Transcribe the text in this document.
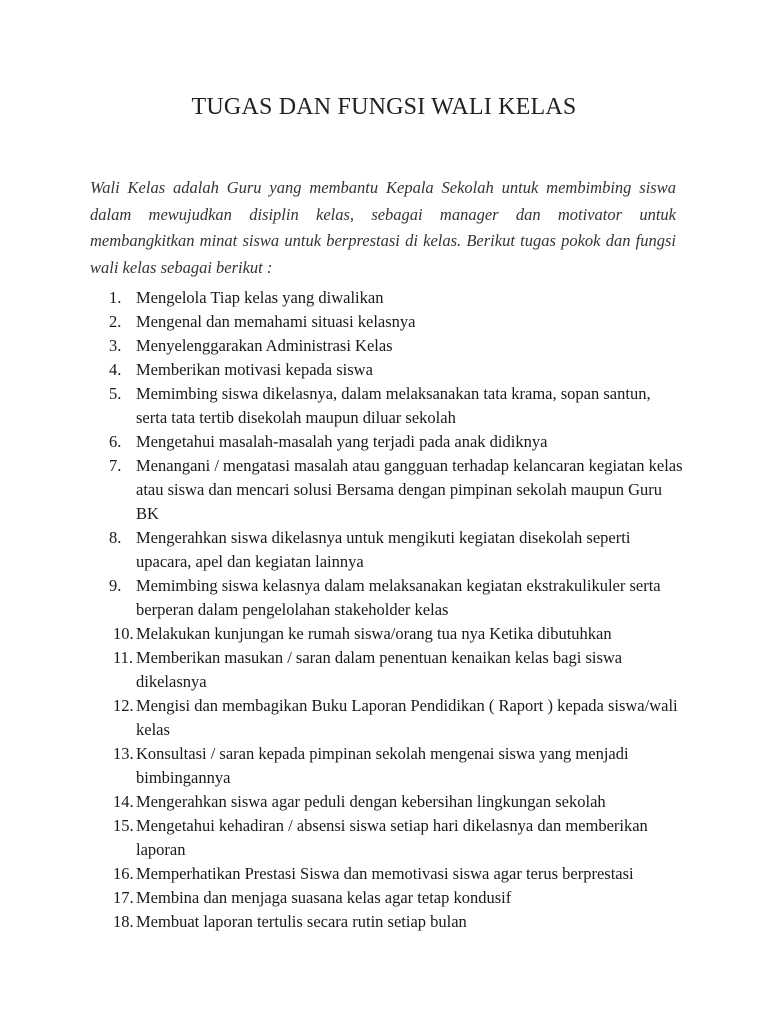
TUGAS DAN FUNGSI WALI KELAS

Wali Kelas adalah Guru yang membantu Kepala Sekolah untuk membimbing siswa dalam mewujudkan disiplin kelas, sebagai manager dan motivator untuk membangkitkan minat siswa untuk berprestasi di kelas. Berikut tugas pokok dan fungsi wali kelas sebagai berikut :

1. Mengelola Tiap kelas yang diwalikan
2. Mengenal dan memahami situasi kelasnya
3. Menyelenggarakan Administrasi Kelas
4. Memberikan motivasi kepada siswa
5. Memimbing siswa dikelasnya, dalam melaksanakan tata krama, sopan santun, serta tata tertib disekolah maupun diluar sekolah
6. Mengetahui masalah-masalah yang terjadi pada anak didiknya
7. Menangani / mengatasi masalah atau gangguan terhadap kelancaran kegiatan kelas atau siswa dan mencari solusi Bersama dengan pimpinan sekolah maupun Guru BK
8. Mengerahkan siswa dikelasnya untuk mengikuti kegiatan disekolah seperti upacara, apel dan kegiatan lainnya
9. Memimbing siswa kelasnya dalam melaksanakan kegiatan ekstrakulikuler serta berperan dalam pengelolahan stakeholder kelas
10. Melakukan kunjungan ke rumah siswa/orang tua nya Ketika dibutuhkan
11. Memberikan masukan / saran dalam penentuan kenaikan kelas bagi siswa dikelasnya
12. Mengisi dan membagikan Buku Laporan Pendidikan ( Raport ) kepada siswa/wali kelas
13. Konsultasi / saran kepada pimpinan sekolah mengenai siswa yang menjadi bimbingannya
14. Mengerahkan siswa agar peduli dengan kebersihan lingkungan sekolah
15. Mengetahui kehadiran / absensi siswa setiap hari dikelasnya dan memberikan laporan
16. Memperhatikan Prestasi Siswa dan memotivasi siswa agar terus berprestasi
17. Membina dan menjaga suasana kelas agar tetap kondusif
18. Membuat laporan tertulis secara rutin setiap bulan
